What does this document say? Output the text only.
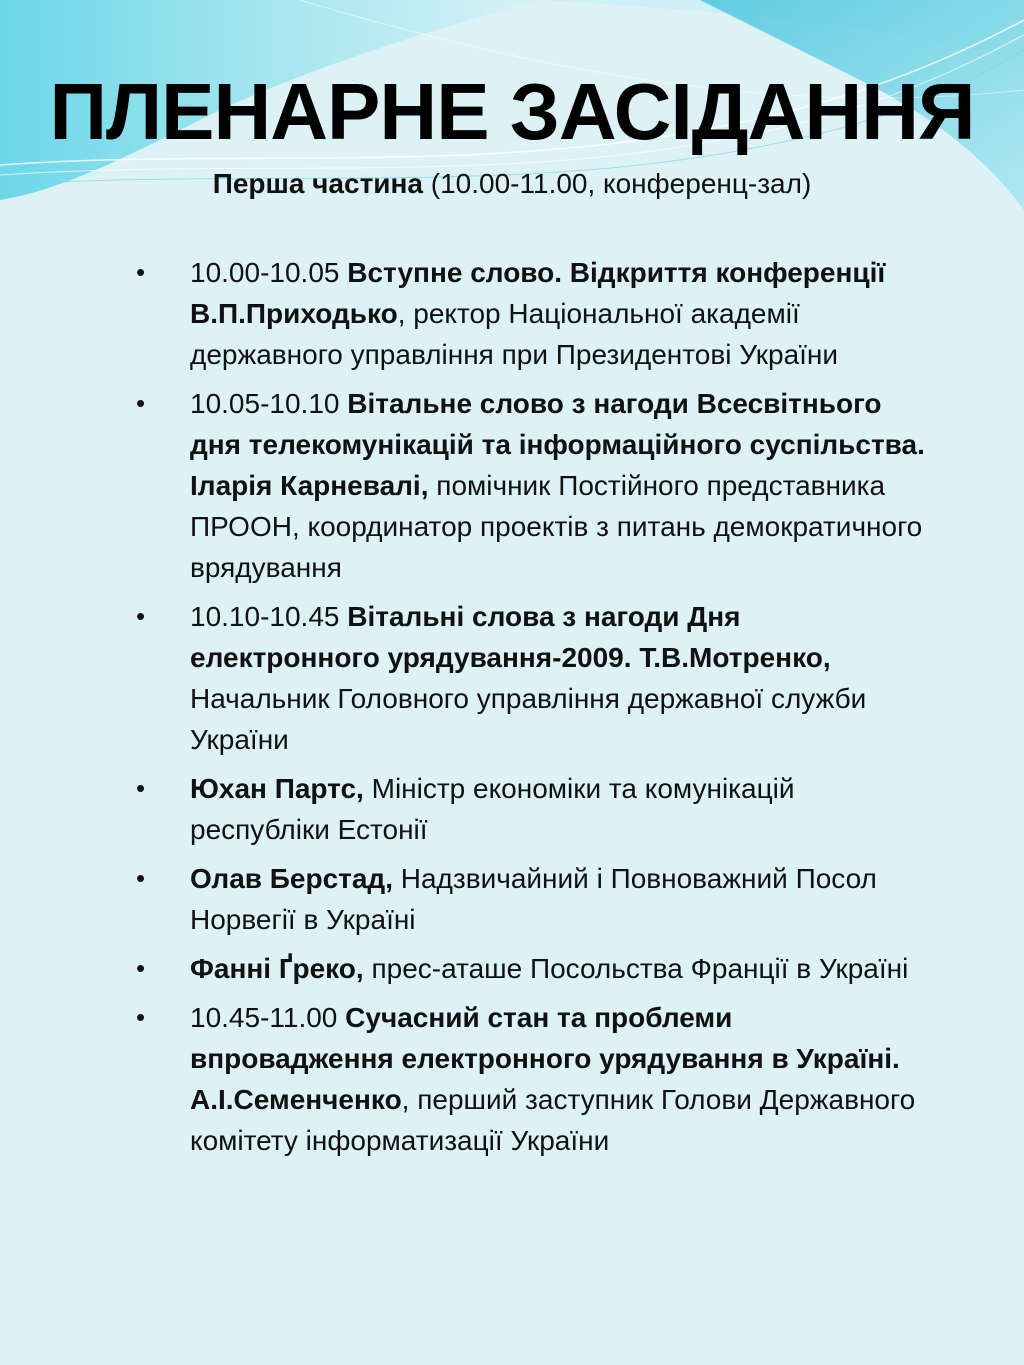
ПЛЕНАРНЕ ЗАСІДАННЯ

Перша частина (10.00-11.00, конференц-зал)

•	10.00-10.05 Вступне слово. Відкриття конференції В.П.Приходько, ректор Національної академії державного управління при Президентові України
•	10.05-10.10 Вітальне слово з нагоди Всесвітнього дня телекомунікацій та інформаційного суспільства. Іларія Карневалі, помічник Постійного представника ПРООН, координатор проектів з питань демократичного врядування
•	10.10-10.45 Вітальні слова з нагоди Дня електронного урядування-2009. Т.В.Мотренко, Начальник Головного управління державної служби України
•	Юхан Партс, Міністр економіки та комунікацій республіки Естонії
•	Олав Берстад, Надзвичайний і Повноважний Посол Норвегії в Україні
•	Фанні Ґреко, прес-аташе Посольства Франції в Україні
•	10.45-11.00 Сучасний стан та проблеми впровадження електронного урядування в Україні. А.І.Семенченко, перший заступник Голови Державного комітету інформатизації України
